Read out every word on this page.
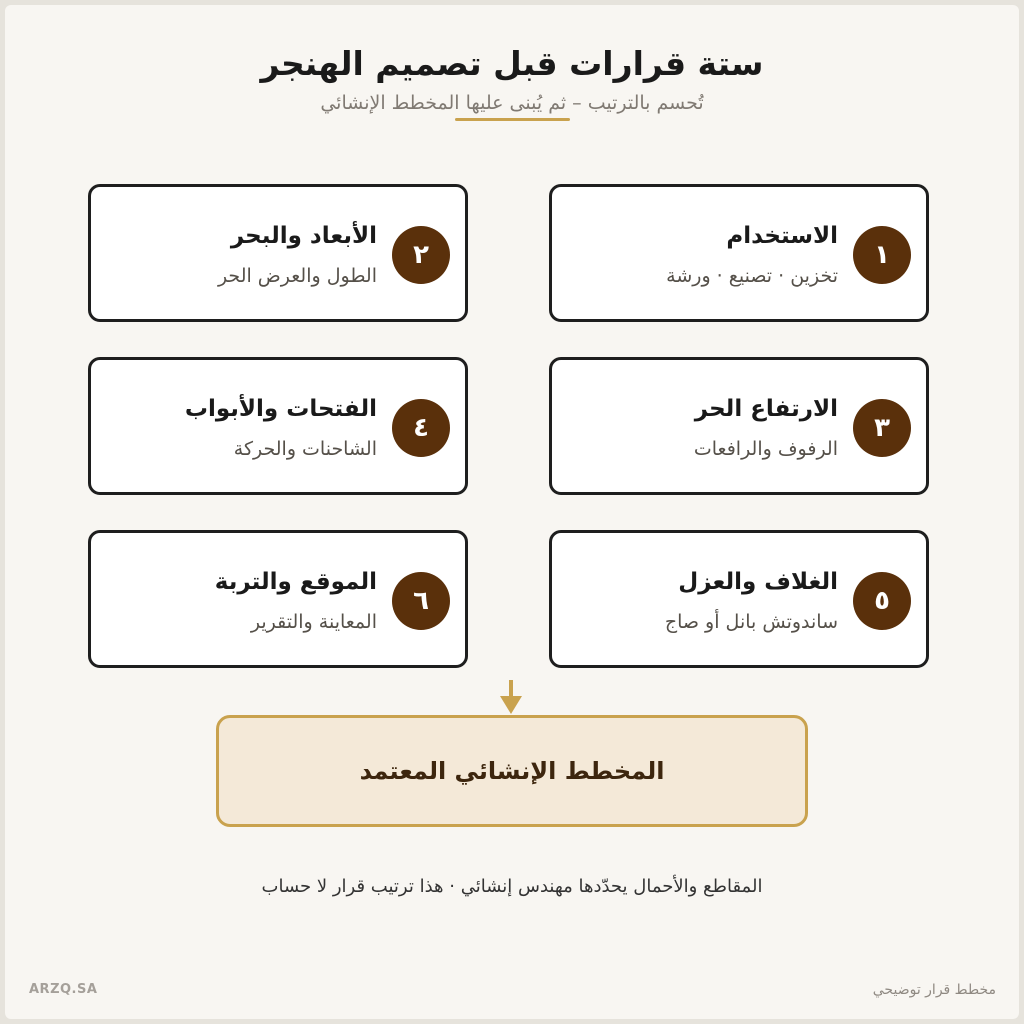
ستة قرارات قبل تصميم الهنجر
تُحسم بالترتيب – ثم يُبنى عليها المخطط الإنشائي
١
الاستخدام
تخزين · تصنيع · ورشة
٢
الأبعاد والبحر
الطول والعرض الحر
٣
الارتفاع الحر
الرفوف والرافعات
٤
الفتحات والأبواب
الشاحنات والحركة
٥
الغلاف والعزل
ساندوتش بانل أو صاج
٦
الموقع والتربة
المعاينة والتقرير
المخطط الإنشائي المعتمد
المقاطع والأحمال يحدّدها مهندس إنشائي · هذا ترتيب قرار لا حساب
ARZQ.SA	مخطط قرار توضيحي
